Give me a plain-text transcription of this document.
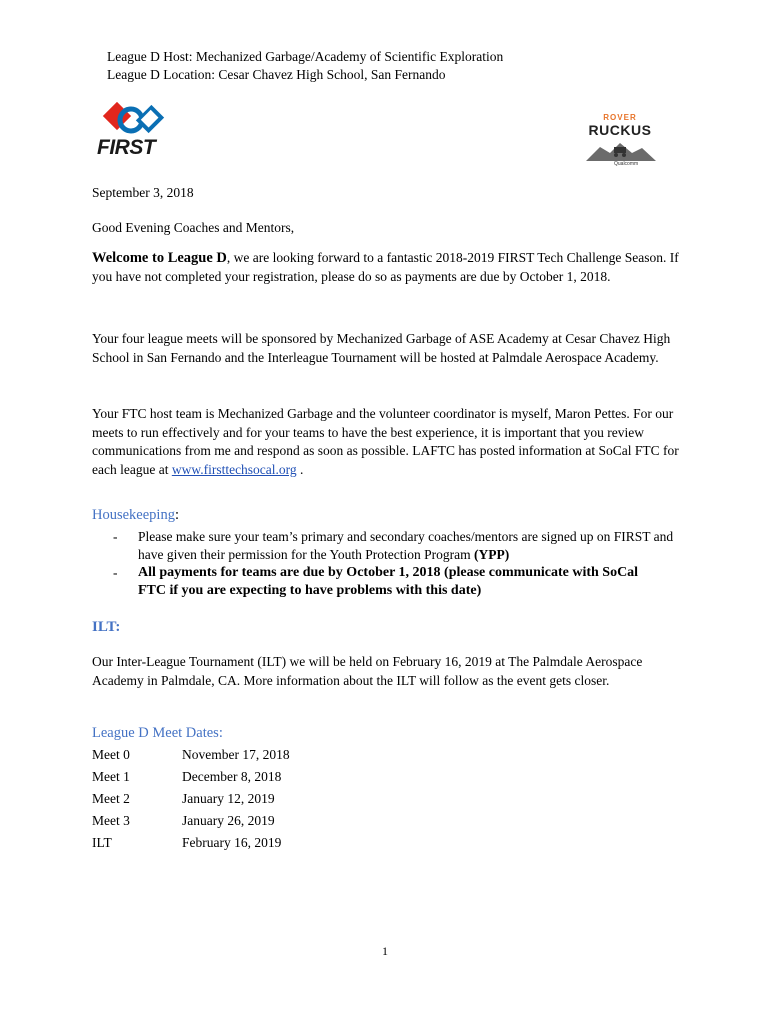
League D Host: Mechanized Garbage/Academy of Scientific Exploration
League D Location: Cesar Chavez High School, San Fernando
FIRST
ROVER
RUCKUS
Qualcomm
September 3, 2018
Good Evening Coaches and Mentors,
Welcome to League D, we are looking forward to a fantastic 2018-2019 FIRST Tech Challenge Season. If you have not completed your registration, please do so as payments are due by October 1, 2018.
Your four league meets will be sponsored by Mechanized Garbage of ASE Academy at Cesar Chavez High School in San Fernando and the Interleague Tournament will be hosted at Palmdale Aerospace Academy.
Your FTC host team is Mechanized Garbage and the volunteer coordinator is myself, Maron Pettes. For our meets to run effectively and for your teams to have the best experience, it is important that you review communications from me and respond as soon as possible. LAFTC has posted information at SoCal FTC for each league at www.firsttechsocal.org .
Housekeeping:
- Please make sure your team’s primary and secondary coaches/mentors are signed up on FIRST and have given their permission for the Youth Protection Program (YPP)
- All payments for teams are due by October 1, 2018 (please communicate with SoCal FTC if you are expecting to have problems with this date)
ILT:
Our Inter-League Tournament (ILT) we will be held on February 16, 2019 at The Palmdale Aerospace Academy in Palmdale, CA. More information about the ILT will follow as the event gets closer.
League D Meet Dates:
Meet 0	November 17, 2018
Meet 1	December 8, 2018
Meet 2	January 12, 2019
Meet 3	January 26, 2019
ILT	February 16, 2019
1
